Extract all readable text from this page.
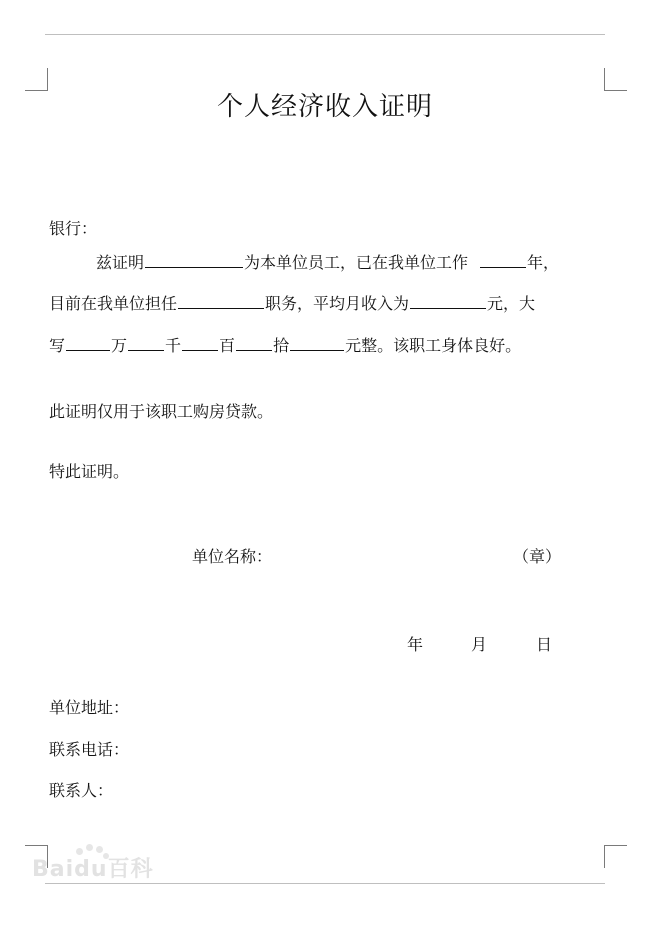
个人经济收入证明
银行：
兹证明	为本单位员工，已在我单位工作	年，
目前在我单位担任	职务，平均月收入为	元，大
写	万 千 百 拾	元整。该职工身体良好。
此证明仅用于该职工购房贷款。
特此证明。
单位名称：	（章）
年	月	日
单位地址：
联系电话：
联系人：
Baidu百科
